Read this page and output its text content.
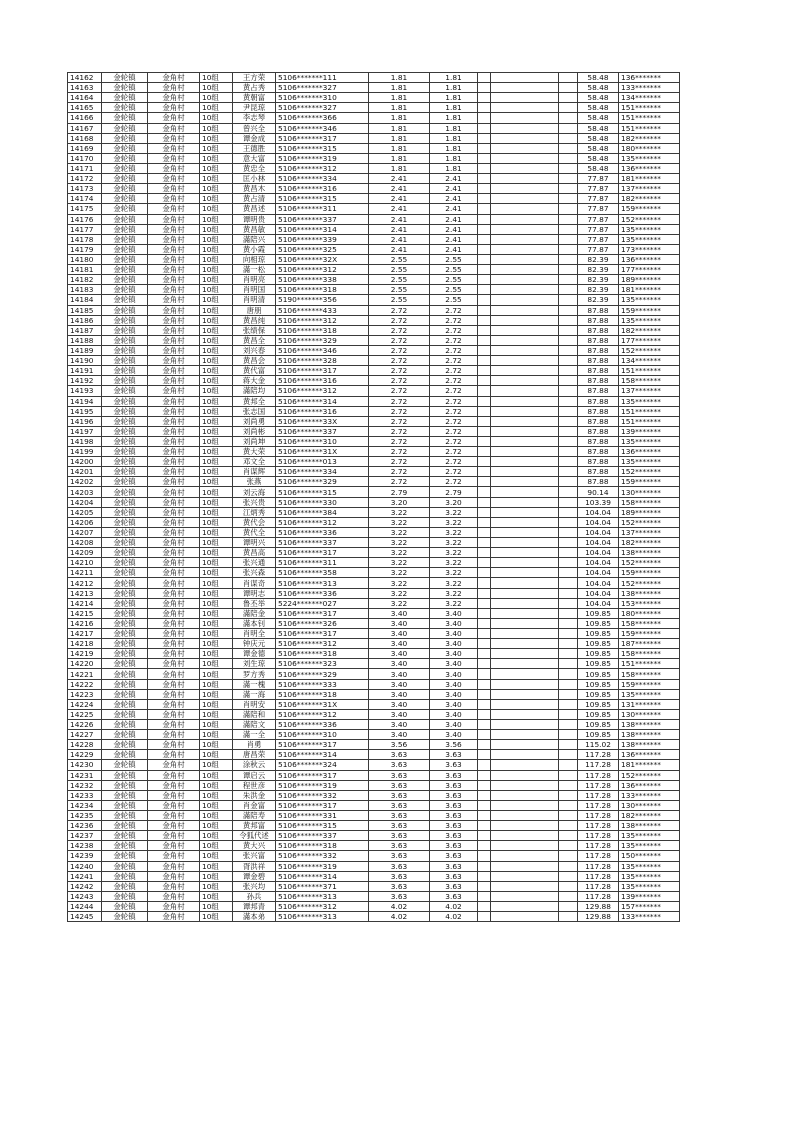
14162	金轮镇	金角村	10组	王方荣	5106*******111	1.81	1.81				58.48	136*******
14163	金轮镇	金角村	10组	黄占秀	5106*******327	1.81	1.81				58.48	133*******
14164	金轮镇	金角村	10组	黄朝富	5106*******310	1.81	1.81				58.48	134*******
14165	金轮镇	金角村	10组	尹昆琼	5106*******327	1.81	1.81				58.48	151*******
14166	金轮镇	金角村	10组	李志琴	5106*******366	1.81	1.81				58.48	151*******
14167	金轮镇	金角村	10组	曾兴全	5106*******346	1.81	1.81				58.48	151*******
14168	金轮镇	金角村	10组	谭金成	5106*******317	1.81	1.81				58.48	182*******
14169	金轮镇	金角村	10组	王德胜	5106*******315	1.81	1.81				58.48	180*******
14170	金轮镇	金角村	10组	意大富	5106*******319	1.81	1.81				58.48	135*******
14171	金轮镇	金角村	10组	黄忠全	5106*******312	1.81	1.81				58.48	136*******
14172	金轮镇	金角村	10组	匡小林	5106*******334	2.41	2.41				77.87	181*******
14173	金轮镇	金角村	10组	黄昌木	5106*******316	2.41	2.41				77.87	137*******
14174	金轮镇	金角村	10组	黄占清	5106*******315	2.41	2.41				77.87	182*******
14175	金轮镇	金角村	10组	黄昌述	5106*******311	2.41	2.41				77.87	159*******
14176	金轮镇	金角村	10组	谭明贵	5106*******337	2.41	2.41				77.87	152*******
14177	金轮镇	金角村	10组	黄昌敏	5106*******314	2.41	2.41				77.87	135*******
14178	金轮镇	金角村	10组	滿陪兴	5106*******339	2.41	2.41				77.87	135*******
14179	金轮镇	金角村	10组	黄小霞	5106*******325	2.41	2.41				77.87	173*******
14180	金轮镇	金角村	10组	向相琼	5106*******32X	2.55	2.55				82.39	136*******
14181	金轮镇	金角村	10组	滿一松	5106*******312	2.55	2.55				82.39	177*******
14182	金轮镇	金角村	10组	肖明亮	5106*******338	2.55	2.55				82.39	189*******
14183	金轮镇	金角村	10组	肖明国	5106*******318	2.55	2.55				82.39	181*******
14184	金轮镇	金角村	10组	肖明清	5190*******356	2.55	2.55				82.39	135*******
14185	金轮镇	金角村	10组	唐朋	5106*******433	2.72	2.72				87.88	159*******
14186	金轮镇	金角村	10组	黄昌纯	5106*******312	2.72	2.72				87.88	135*******
14187	金轮镇	金角村	10组	张绩保	5106*******318	2.72	2.72				87.88	182*******
14188	金轮镇	金角村	10组	黄昌全	5106*******329	2.72	2.72				87.88	177*******
14189	金轮镇	金角村	10组	刘兴春	5106*******346	2.72	2.72				87.88	152*******
14190	金轮镇	金角村	10组	黄昌会	5106*******328	2.72	2.72				87.88	134*******
14191	金轮镇	金角村	10组	黄代富	5106*******317	2.72	2.72				87.88	151*******
14192	金轮镇	金角村	10组	蒋大金	5106*******316	2.72	2.72				87.88	158*******
14193	金轮镇	金角村	10组	滿陪均	5106*******312	2.72	2.72				87.88	137*******
14194	金轮镇	金角村	10组	黄邦全	5106*******314	2.72	2.72				87.88	135*******
14195	金轮镇	金角村	10组	张志国	5106*******316	2.72	2.72				87.88	151*******
14196	金轮镇	金角村	10组	刘尚勇	5106*******33X	2.72	2.72				87.88	151*******
14197	金轮镇	金角村	10组	刘尚彬	5106*******337	2.72	2.72				87.88	139*******
14198	金轮镇	金角村	10组	刘尚坤	5106*******310	2.72	2.72				87.88	135*******
14199	金轮镇	金角村	10组	黄大荣	5106*******31X	2.72	2.72				87.88	136*******
14200	金轮镇	金角村	10组	邓文全	5106*******013	2.72	2.72				87.88	135*******
14201	金轮镇	金角村	10组	肖谋辉	5106*******334	2.72	2.72				87.88	152*******
14202	金轮镇	金角村	10组	张燕	5106*******329	2.72	2.72				87.88	159*******
14203	金轮镇	金角村	10组	刘云海	5106*******315	2.79	2.79				90.14	130*******
14204	金轮镇	金角村	10组	张兴贵	5106*******330	3.20	3.20				103.39	158*******
14205	金轮镇	金角村	10组	江炳秀	5106*******384	3.22	3.22				104.04	189*******
14206	金轮镇	金角村	10组	黄代会	5106*******312	3.22	3.22				104.04	152*******
14207	金轮镇	金角村	10组	黄代全	5106*******336	3.22	3.22				104.04	137*******
14208	金轮镇	金角村	10组	谭明兴	5106*******337	3.22	3.22				104.04	182*******
14209	金轮镇	金角村	10组	黄昌高	5106*******317	3.22	3.22				104.04	138*******
14210	金轮镇	金角村	10组	张兴通	5106*******311	3.22	3.22				104.04	152*******
14211	金轮镇	金角村	10组	张兴森	5106*******358	3.22	3.22				104.04	159*******
14212	金轮镇	金角村	10组	肖谋奇	5106*******313	3.22	3.22				104.04	152*******
14213	金轮镇	金角村	10组	谭明志	5106*******336	3.22	3.22				104.04	138*******
14214	金轮镇	金角村	10组	鲁丕举	5224*******027	3.22	3.22				104.04	153*******
14215	金轮镇	金角村	10组	滿陪金	5106*******317	3.40	3.40				109.85	180*******
14216	金轮镇	金角村	10组	滿本钊	5106*******326	3.40	3.40				109.85	158*******
14217	金轮镇	金角村	10组	肖明全	5106*******317	3.40	3.40				109.85	159*******
14218	金轮镇	金角村	10组	钟庆元	5106*******312	3.40	3.40				109.85	187*******
14219	金轮镇	金角村	10组	谭金德	5106*******318	3.40	3.40				109.85	158*******
14220	金轮镇	金角村	10组	刘生琼	5106*******323	3.40	3.40				109.85	151*******
14221	金轮镇	金角村	10组	罗方秀	5106*******329	3.40	3.40				109.85	158*******
14222	金轮镇	金角村	10组	滿一槐	5106*******333	3.40	3.40				109.85	159*******
14223	金轮镇	金角村	10组	滿一海	5106*******318	3.40	3.40				109.85	135*******
14224	金轮镇	金角村	10组	肖明安	5106*******31X	3.40	3.40				109.85	131*******
14225	金轮镇	金角村	10组	滿陪和	5106*******312	3.40	3.40				109.85	130*******
14226	金轮镇	金角村	10组	滿陪文	5106*******336	3.40	3.40				109.85	138*******
14227	金轮镇	金角村	10组	滿一全	5106*******310	3.40	3.40				109.85	138*******
14228	金轮镇	金角村	10组	肖勇	5106*******317	3.56	3.56				115.02	138*******
14229	金轮镇	金角村	10组	唐昌荣	5106*******314	3.63	3.63				117.28	136*******
14230	金轮镇	金角村	10组	涂秋云	5106*******324	3.63	3.63				117.28	181*******
14231	金轮镇	金角村	10组	谭启云	5106*******317	3.63	3.63				117.28	152*******
14232	金轮镇	金角村	10组	程世彦	5106*******319	3.63	3.63				117.28	136*******
14233	金轮镇	金角村	10组	朱洪金	5106*******332	3.63	3.63				117.28	133*******
14234	金轮镇	金角村	10组	肖金富	5106*******317	3.63	3.63				117.28	130*******
14235	金轮镇	金角村	10组	滿陪寿	5106*******331	3.63	3.63				117.28	182*******
14236	金轮镇	金角村	10组	黄邦富	5106*******315	3.63	3.63				117.28	138*******
14237	金轮镇	金角村	10组	令狐代述	5106*******337	3.63	3.63				117.28	135*******
14238	金轮镇	金角村	10组	黄大兴	5106*******318	3.63	3.63				117.28	135*******
14239	金轮镇	金角村	10组	张兴富	5106*******332	3.63	3.63				117.28	150*******
14240	金轮镇	金角村	10组	胥洪祥	5106*******319	3.63	3.63				117.28	135*******
14241	金轮镇	金角村	10组	谭金碧	5106*******314	3.63	3.63				117.28	135*******
14242	金轮镇	金角村	10组	张兴均	5106*******371	3.63	3.63				117.28	135*******
14243	金轮镇	金角村	10组	孙兵	5106*******313	3.63	3.63				117.28	139*******
14244	金轮镇	金角村	10组	谭邦青	5106*******312	4.02	4.02				129.88	157*******
14245	金轮镇	金角村	10组	滿本弟	5106*******313	4.02	4.02				129.88	133*******
